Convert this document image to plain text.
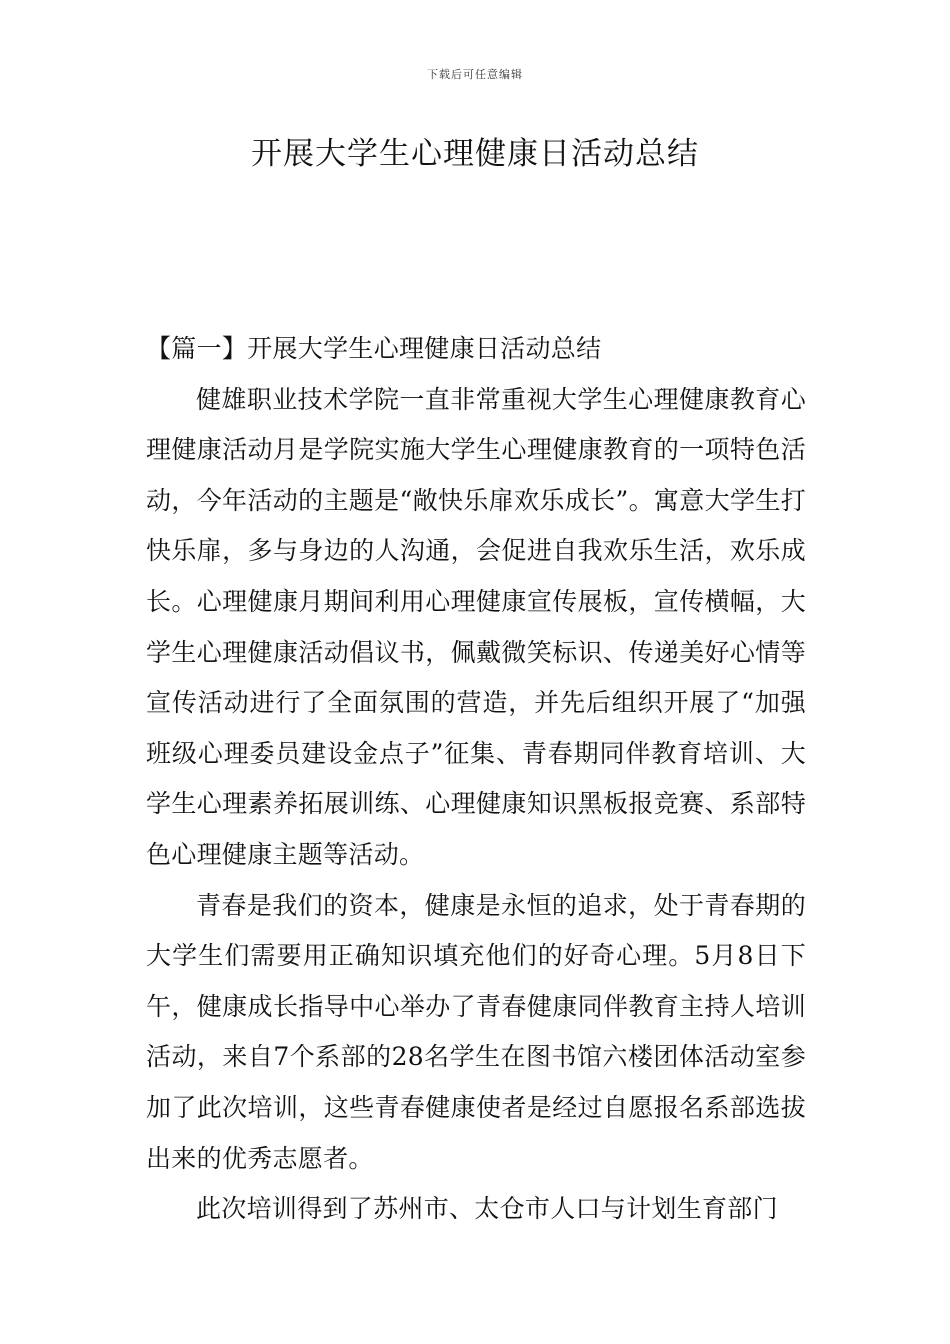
下载后可任意编辑
开展大学生心理健康日活动总结

【篇一】开展大学生心理健康日活动总结

健雄职业技术学院一直非常重视大学生心理健康教育心理健康活动月是学院实施大学生心理健康教育的一项特色活动，今年活动的主题是“敞快乐扉欢乐成长”。寓意大学生打快乐扉，多与身边的人沟通，会促进自我欢乐生活，欢乐成长。心理健康月期间利用心理健康宣传展板，宣传横幅，大学生心理健康活动倡议书，佩戴微笑标识、传递美好心情等宣传活动进行了全面氛围的营造，并先后组织开展了“加强班级心理委员建设金点子”征集、青春期同伴教育培训、大学生心理素养拓展训练、心理健康知识黑板报竞赛、系部特色心理健康主题等活动。

青春是我们的资本，健康是永恒的追求，处于青春期的大学生们需要用正确知识填充他们的好奇心理。5月8日下午，健康成长指导中心举办了青春健康同伴教育主持人培训活动，来自7个系部的28名学生在图书馆六楼团体活动室参加了此次培训，这些青春健康使者是经过自愿报名系部选拔出来的优秀志愿者。

此次培训得到了苏州市、太仓市人口与计划生育部门
